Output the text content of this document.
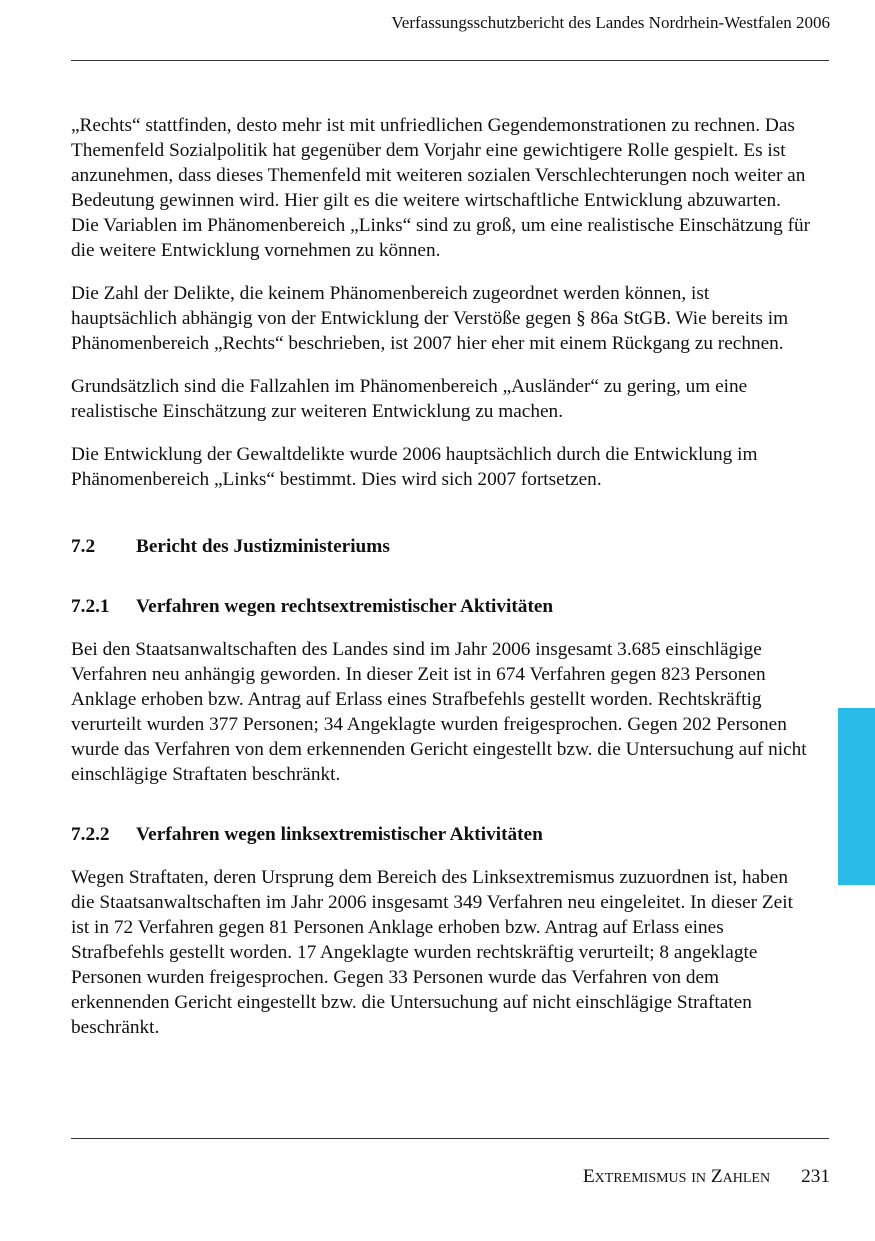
Verfassungsschutzbericht des Landes Nordrhein-Westfalen 2006

„Rechts“ stattfinden, desto mehr ist mit unfriedlichen Gegendemonstrationen zu rechnen. Das Themenfeld Sozialpolitik hat gegenüber dem Vorjahr eine gewichtigere Rolle gespielt. Es ist anzunehmen, dass dieses Themenfeld mit weiteren sozialen Verschlechterungen noch weiter an Bedeutung gewinnen wird. Hier gilt es die weitere wirtschaftliche Entwicklung abzuwarten. Die Variablen im Phänomenbereich „Links“ sind zu groß, um eine realistische Einschätzung für die weitere Entwicklung vornehmen zu können.

Die Zahl der Delikte, die keinem Phänomenbereich zugeordnet werden können, ist hauptsächlich abhängig von der Entwicklung der Verstöße gegen § 86a StGB. Wie bereits im Phänomenbereich „Rechts“ beschrieben, ist 2007 hier eher mit einem Rückgang zu rechnen.

Grundsätzlich sind die Fallzahlen im Phänomenbereich „Ausländer“ zu gering, um eine realistische Einschätzung zur weiteren Entwicklung zu machen.

Die Entwicklung der Gewaltdelikte wurde 2006 hauptsächlich durch die Entwicklung im Phänomenbereich „Links“ bestimmt. Dies wird sich 2007 fortsetzen.

7.2	Bericht des Justizministeriums
7.2.1	Verfahren wegen rechtsextremistischer Aktivitäten

Bei den Staatsanwaltschaften des Landes sind im Jahr 2006 insgesamt 3.685 einschlägige Verfahren neu anhängig geworden. In dieser Zeit ist in 674 Verfahren gegen 823 Personen Anklage erhoben bzw. Antrag auf Erlass eines Strafbefehls gestellt worden. Rechtskräftig verurteilt wurden 377 Personen; 34 Angeklagte wurden freigesprochen. Gegen 202 Personen wurde das Verfahren von dem erkennenden Gericht eingestellt bzw. die Untersuchung auf nicht einschlägige Straftaten beschränkt.

7.2.2	Verfahren wegen linksextremistischer Aktivitäten

Wegen Straftaten, deren Ursprung dem Bereich des Linksextremismus zuzuordnen ist, haben die Staatsanwaltschaften im Jahr 2006 insgesamt 349 Verfahren neu eingeleitet. In dieser Zeit ist in 72 Verfahren gegen 81 Personen Anklage erhoben bzw. Antrag auf Erlass eines Strafbefehls gestellt worden. 17 Angeklagte wurden rechtskräftig verurteilt; 8 angeklagte Personen wurden freigesprochen. Gegen 33 Personen wurde das Verfahren von dem erkennenden Gericht eingestellt bzw. die Untersuchung auf nicht einschlägige Straftaten beschränkt.

Extremismus in Zahlen 231
